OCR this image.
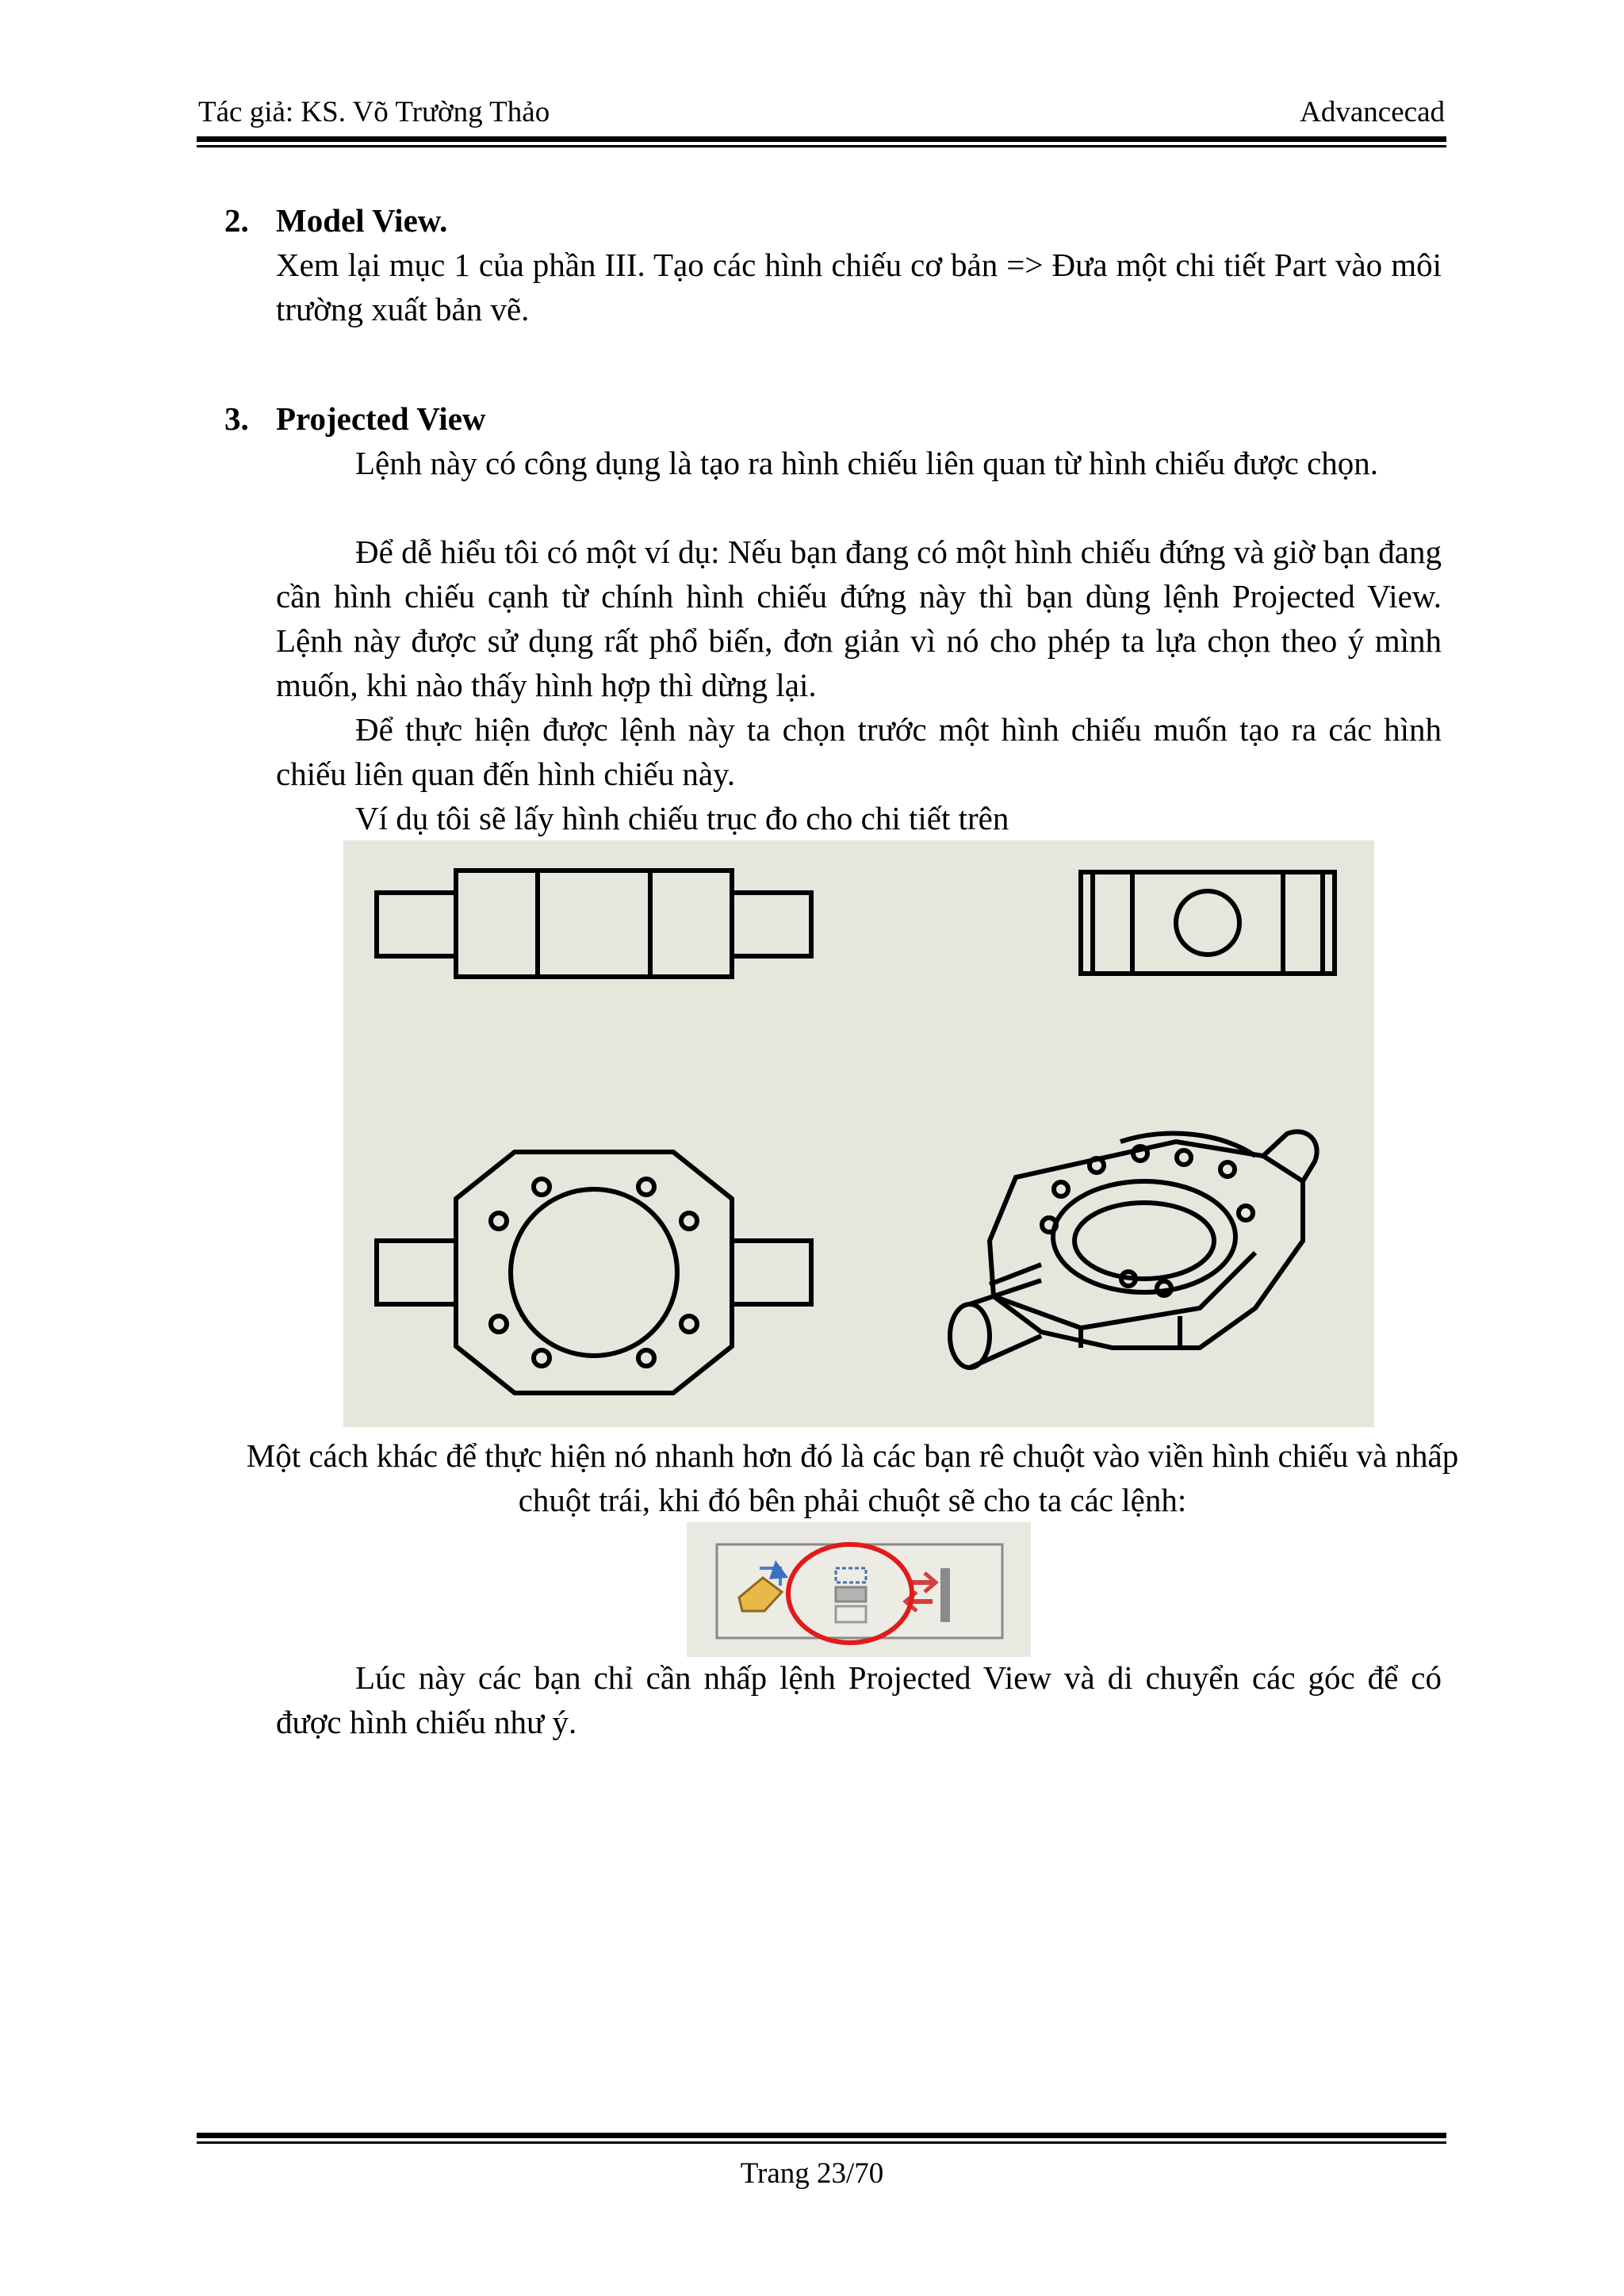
Tác giả: KS. Võ Trường Thảo	Advancecad
2. Model View.
Xem lại mục 1 của phần III. Tạo các hình chiếu cơ bản => Đưa một chi tiết Part vào môi trường xuất bản vẽ.
3. Projected View
Lệnh này có công dụng là tạo ra hình chiếu liên quan từ hình chiếu được chọn.
Để dễ hiểu tôi có một ví dụ: Nếu bạn đang có một hình chiếu đứng và giờ bạn đang cần hình chiếu cạnh từ chính hình chiếu đứng này thì bạn dùng lệnh Projected View. Lệnh này được sử dụng rất phổ biến, đơn giản vì nó cho phép ta lựa chọn theo ý mình muốn, khi nào thấy hình hợp thì dừng lại.
Để thực hiện được lệnh này ta chọn trước một hình chiếu muốn tạo ra các hình chiếu liên quan đến hình chiếu này.
Ví dụ tôi sẽ lấy hình chiếu trục đo cho chi tiết trên
Một cách khác để thực hiện nó nhanh hơn đó là các bạn rê chuột vào viền hình chiếu và nhấp chuột trái, khi đó bên phải chuột sẽ cho ta các lệnh:
Lúc này các bạn chỉ cần nhấp lệnh Projected View và di chuyển các góc để có được hình chiếu như ý.
Trang 23/70
